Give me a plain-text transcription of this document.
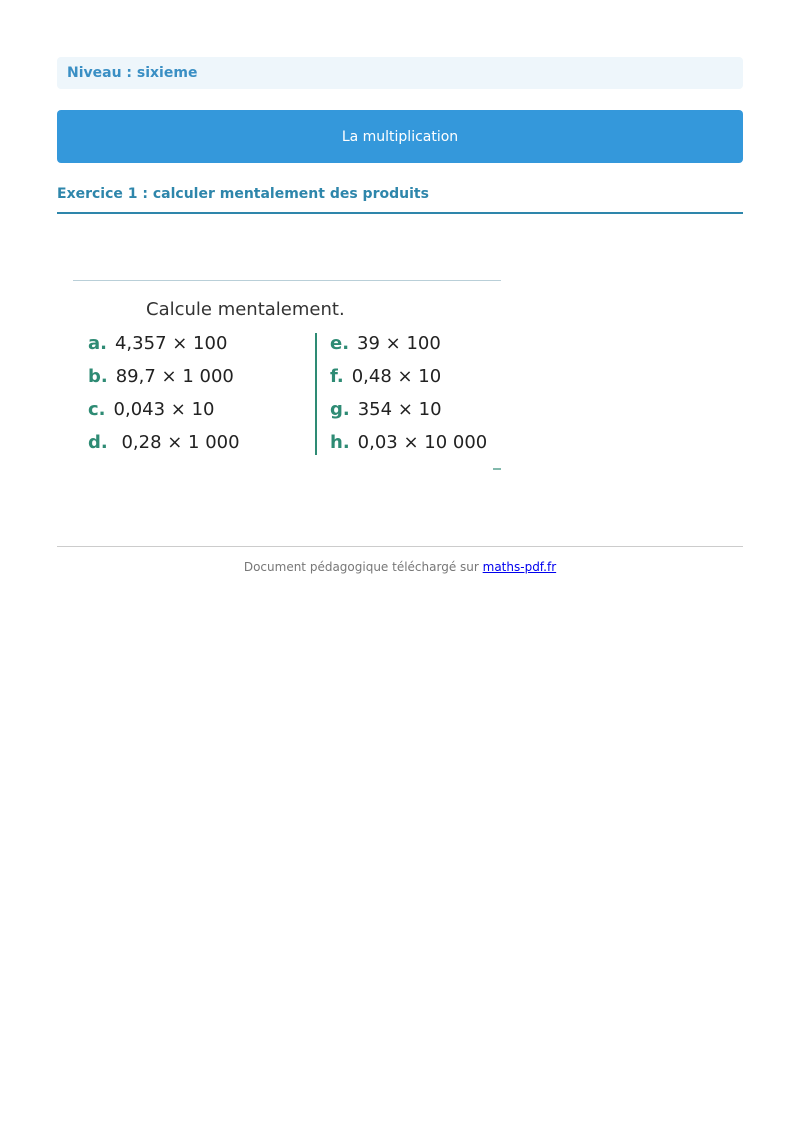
Niveau : sixieme
La multiplication
Exercice 1 : calculer mentalement des produits
Calcule mentalement.
a. 4,357 × 100
b. 89,7 × 1 000
c. 0,043 × 10
d. 0,28 × 1 000
e. 39 × 100
f. 0,48 × 10
g. 354 × 10
h. 0,03 × 10 000
Document pédagogique téléchargé sur maths-pdf.fr
